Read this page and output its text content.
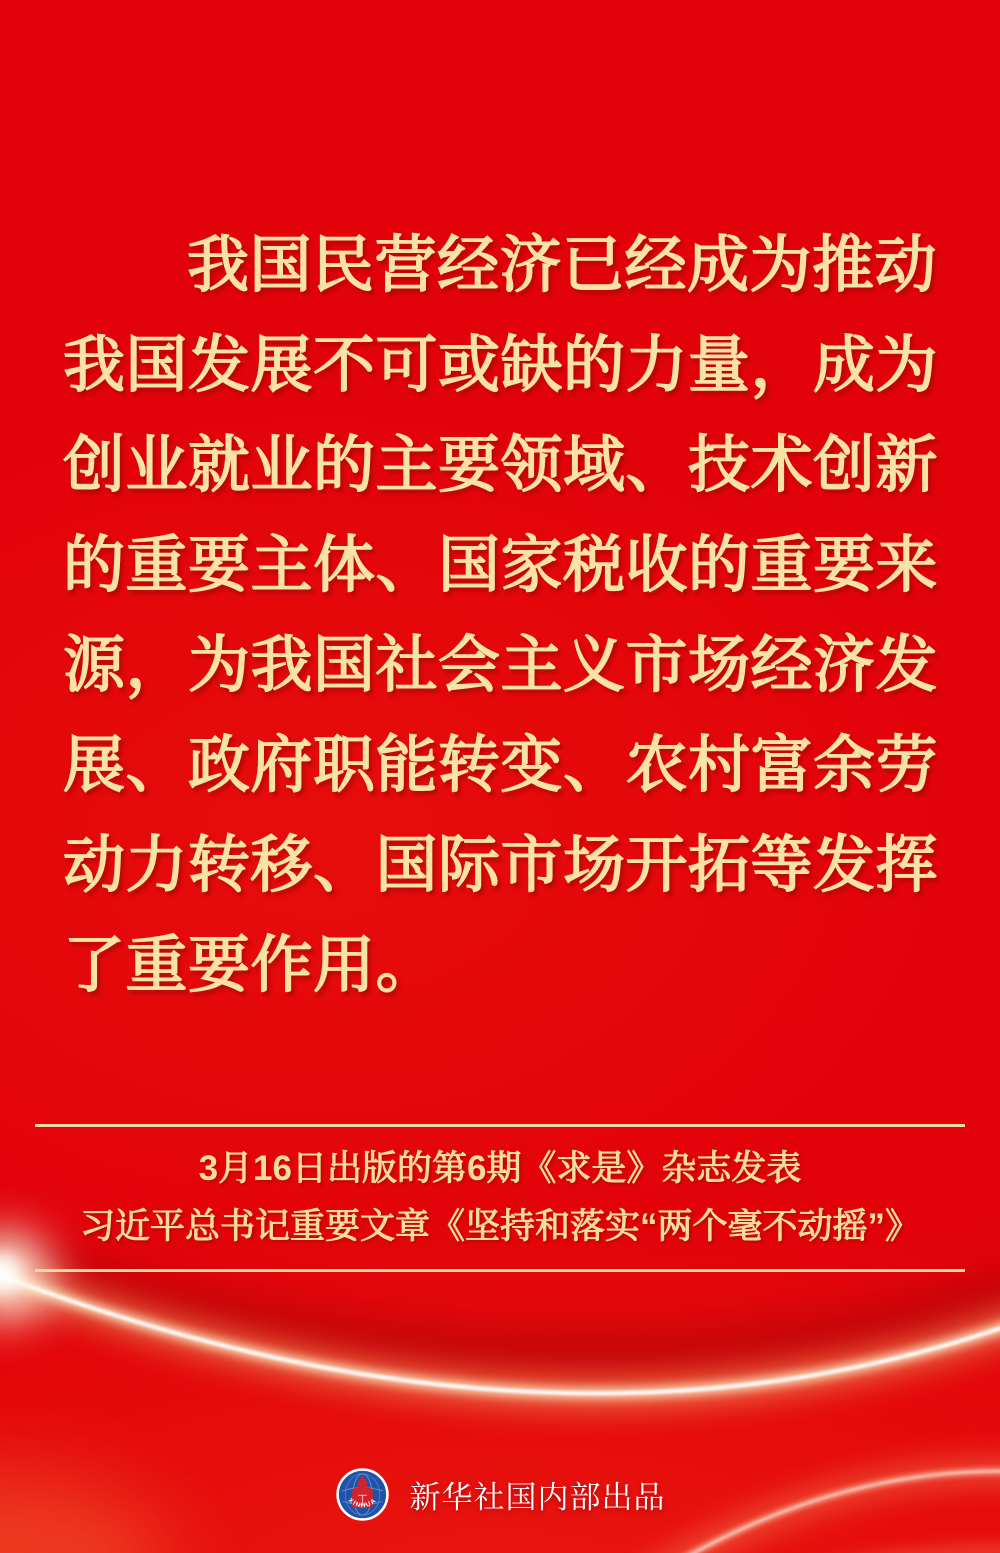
我国民营经济已经成为推动
我国发展不可或缺的力量，成为
创业就业的主要领域、技术创新
的重要主体、国家税收的重要来
源，为我国社会主义市场经济发
展、政府职能转变、农村富余劳
动力转移、国际市场开拓等发挥
了重要作用。
3月16日出版的第6期《求是》杂志发表
习近平总书记重要文章《坚持和落实“两个毫不动摇”》
XINHUA 新华社国内部出品
